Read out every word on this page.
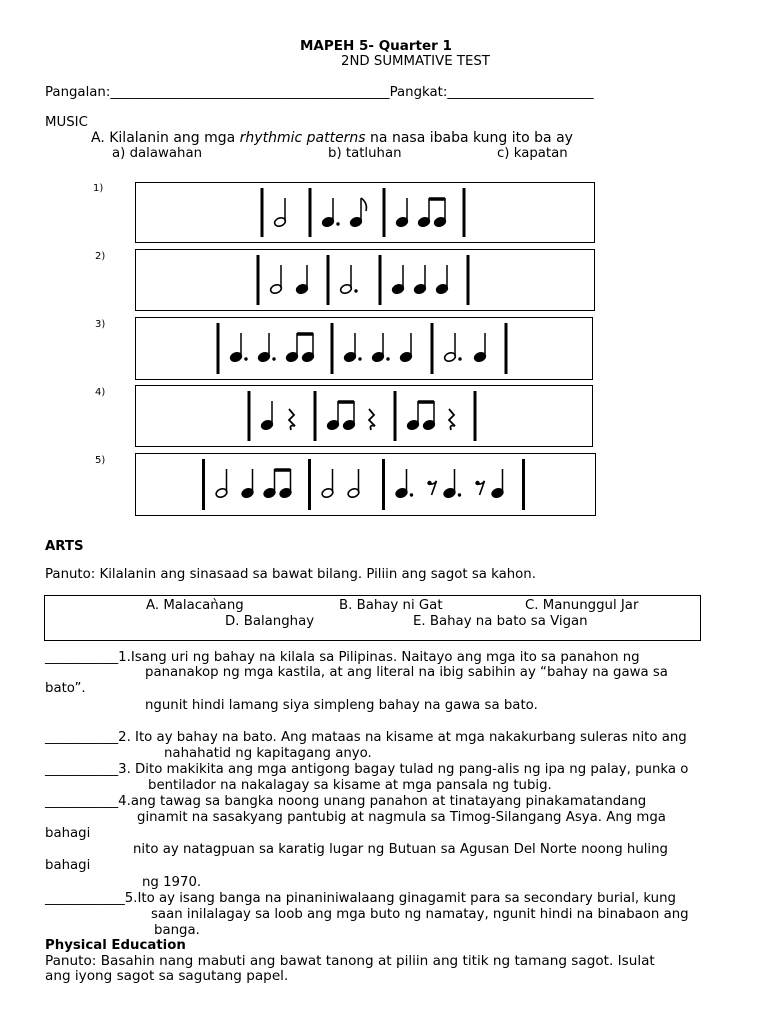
MAPEH 5- Quarter 1
2ND SUMMATIVE TEST
Pangalan:__________________________________________Pangkat:______________________
MUSIC
A. Kilalanin ang mga rhythmic patterns na nasa ibaba kung ito ba ay
a) dalawahan	b) tatluhan	c) kapatan
1)
2)
3)
4)
5)
ARTS
Panuto: Kilalanin ang sinasaad sa bawat bilang. Piliin ang sagot sa kahon.
A. Malacaǹang	B. Bahay ni Gat	C. Manunggul Jar
D. Balanghay	E. Bahay na bato sa Vigan
___________1.Isang uri ng bahay na kilala sa Pilipinas. Naitayo ang mga ito sa panahon ng
pananakop ng mga kastila, at ang literal na ibig sabihin ay “bahay na gawa sa
bato”.
ngunit hindi lamang siya simpleng bahay na gawa sa bato.
___________2. Ito ay bahay na bato. Ang mataas na kisame at mga nakakurbang suleras nito ang
nahahatid ng kapitagang anyo.
___________3. Dito makikita ang mga antigong bagay tulad ng pang-alis ng ipa ng palay, punka o
bentilador na nakalagay sa kisame at mga pansala ng tubig.
___________4.ang tawag sa bangka noong unang panahon at tinatayang pinakamatandang
ginamit na sasakyang pantubig at nagmula sa Timog-Silangang Asya. Ang mga
bahagi
nito ay natagpuan sa karatig lugar ng Butuan sa Agusan Del Norte noong huling
bahagi
ng 1970.
____________5.Ito ay isang banga na pinaniniwalaang ginagamit para sa secondary burial, kung
saan inilalagay sa loob ang mga buto ng namatay, ngunit hindi na binabaon ang
banga.
Physical Education
Panuto: Basahin nang mabuti ang bawat tanong at piliin ang titik ng tamang sagot. Isulat
ang iyong sagot sa sagutang papel.
